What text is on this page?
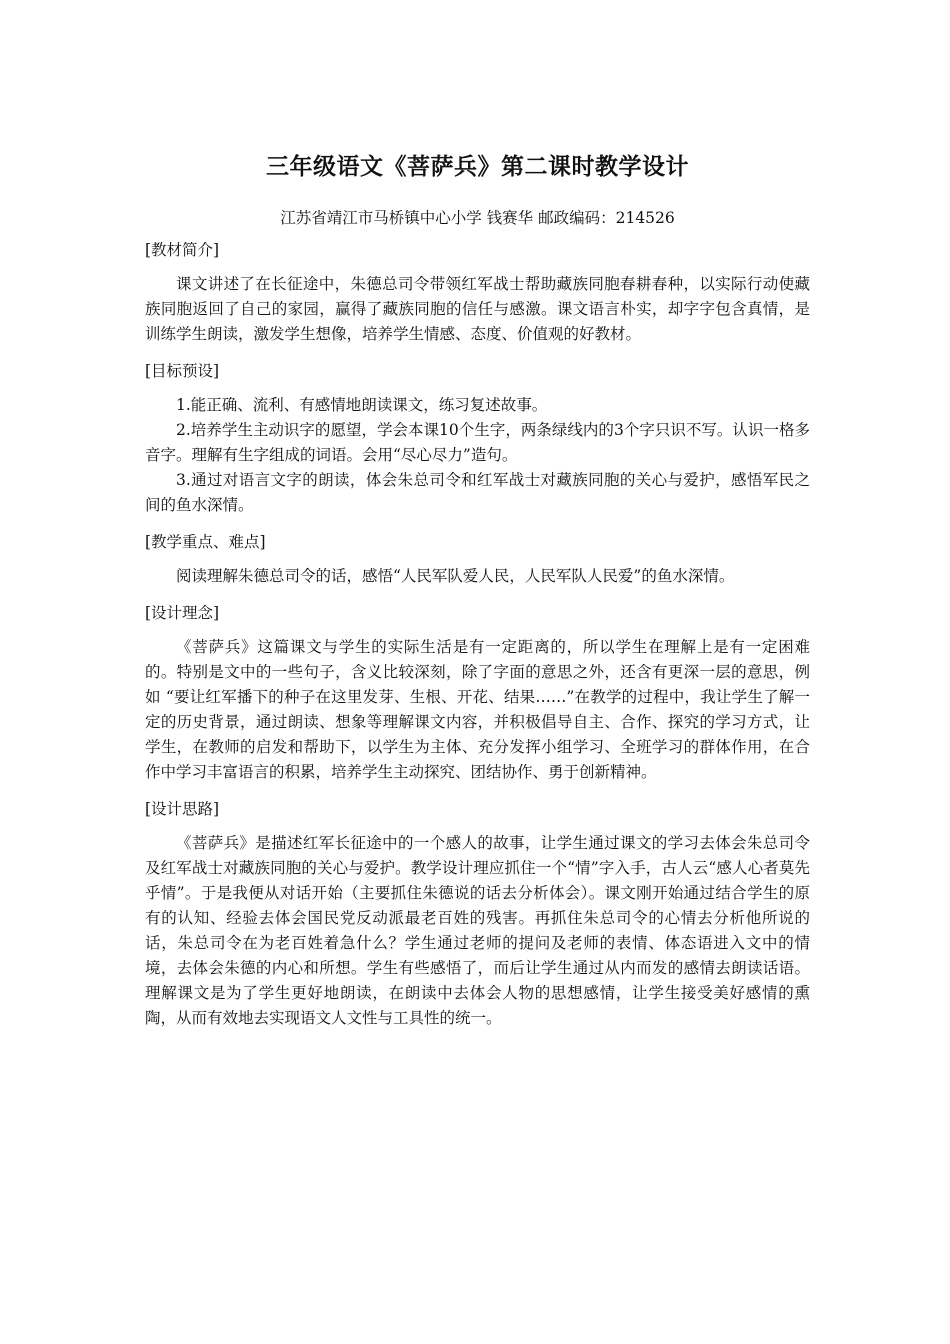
三年级语文《菩萨兵》第二课时教学设计

江苏省靖江市马桥镇中心小学 钱赛华 邮政编码：214526

[教材简介]

课文讲述了在长征途中，朱德总司令带领红军战士帮助藏族同胞春耕春种，以实际行动使藏族同胞返回了自己的家园，赢得了藏族同胞的信任与感激。课文语言朴实，却字字包含真情，是训练学生朗读，激发学生想像，培养学生情感、态度、价值观的好教材。

[目标预设]

1.能正确、流利、有感情地朗读课文，练习复述故事。

2.培养学生主动识字的愿望，学会本课10个生字，两条绿线内的3个字只识不写。认识一格多音字。理解有生字组成的词语。会用“尽心尽力”造句。

3.通过对语言文字的朗读，体会朱总司令和红军战士对藏族同胞的关心与爱护，感悟军民之间的鱼水深情。

[教学重点、难点]

阅读理解朱德总司令的话，感悟“人民军队爱人民，人民军队人民爱”的鱼水深情。

[设计理念]

《菩萨兵》这篇课文与学生的实际生活是有一定距离的，所以学生在理解上是有一定困难的。特别是文中的一些句子，含义比较深刻，除了字面的意思之外，还含有更深一层的意思，例如 “要让红军播下的种子在这里发芽、生根、开花、结果……”在教学的过程中，我让学生了解一定的历史背景，通过朗读、想象等理解课文内容，并积极倡导自主、合作、探究的学习方式，让学生，在教师的启发和帮助下，以学生为主体、充分发挥小组学习、全班学习的群体作用，在合作中学习丰富语言的积累，培养学生主动探究、团结协作、勇于创新精神。

[设计思路]

《菩萨兵》是描述红军长征途中的一个感人的故事，让学生通过课文的学习去体会朱总司令及红军战士对藏族同胞的关心与爱护。教学设计理应抓住一个“情”字入手，古人云“感人心者莫先乎情”。于是我便从对话开始（主要抓住朱德说的话去分析体会）。课文刚开始通过结合学生的原有的认知、经验去体会国民党反动派最老百姓的残害。再抓住朱总司令的心情去分析他所说的话，朱总司令在为老百姓着急什么？学生通过老师的提问及老师的表情、体态语进入文中的情境，去体会朱德的内心和所想。学生有些感悟了，而后让学生通过从内而发的感情去朗读话语。理解课文是为了学生更好地朗读，在朗读中去体会人物的思想感情，让学生接受美好感情的熏陶，从而有效地去实现语文人文性与工具性的统一。
